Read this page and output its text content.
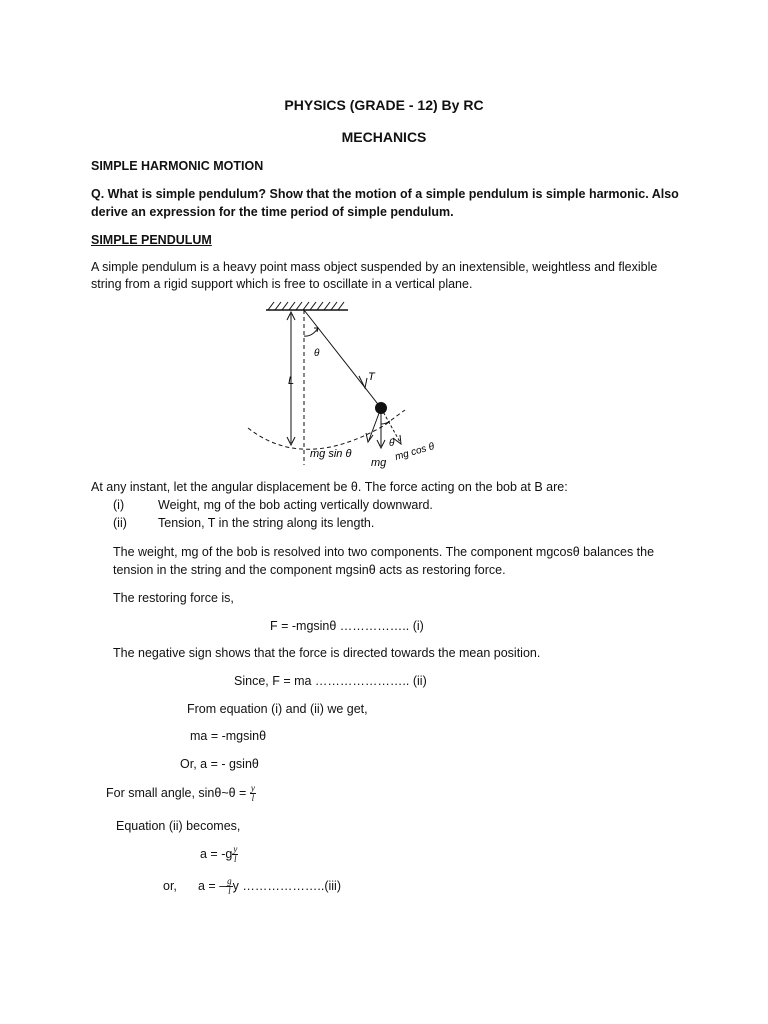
PHYSICS (GRADE - 12) By RC
MECHANICS
SIMPLE HARMONIC MOTION
Q. What is simple pendulum? Show that the motion of a simple pendulum is simple harmonic. Also
derive an expression for the time period of simple pendulum.
SIMPLE PENDULUM
A simple pendulum is a heavy point mass object suspended by an inextensible, weightless and flexible
string from a rigid support which is free to oscillate in a vertical plane.
L	T
θ
θ
mg sin θ
mg
mg cos θ
At any instant, let the angular displacement be θ. The force acting on the bob at B are:
(i)	Weight, mg of the bob acting vertically downward.
(ii) Tension, T in the string along its length.
The weight, mg of the bob is resolved into two components. The component mgcosθ balances the
tension in the string and the component mgsinθ acts as restoring force.
The restoring force is,
F = -mgsinθ …………….. (i)
The negative sign shows that the force is directed towards the mean position.
Since, F = ma ………………….. (ii)
From equation (i) and (ii) we get,
ma = -mgsinθ
Or, a = - gsinθ
For small angle, sinθ~θ = $\frac{y}{l}$
Equation (ii) becomes,
$a = -g \frac{y}{l}$
or, a = – $\frac{g}{l}$ y ………………..(iii)
